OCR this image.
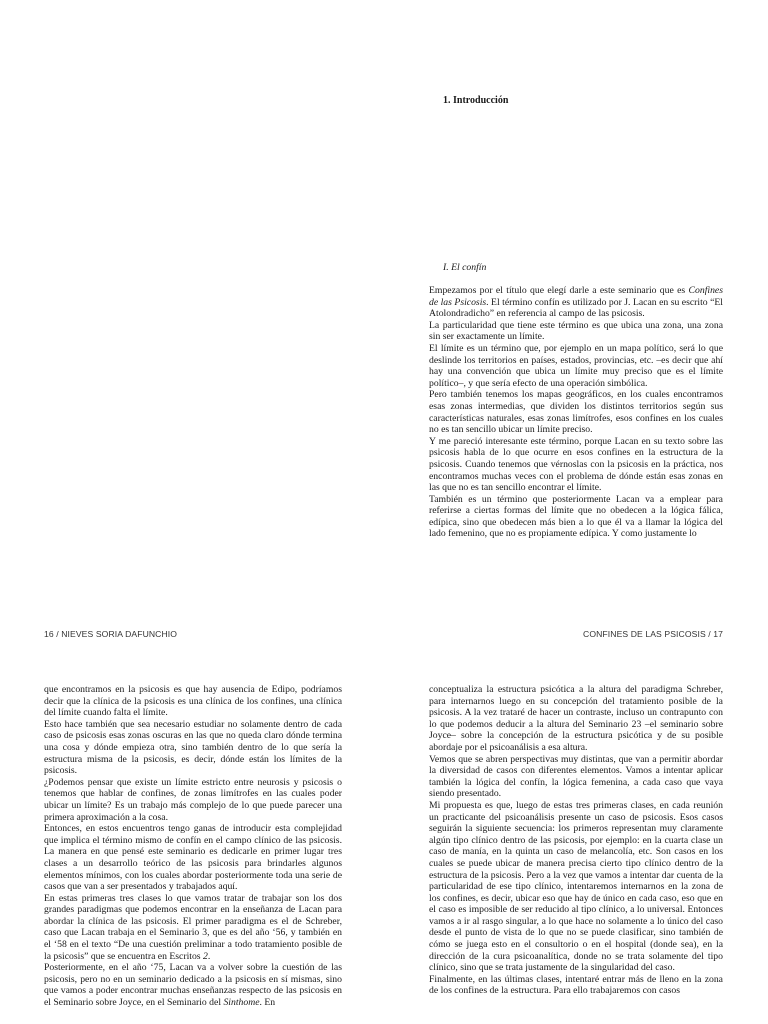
1. Introducción
I. El confín

Empezamos por el título que elegí darle a este seminario que es Confines de las Psicosis. El término confín es utilizado por J. Lacan en su escrito “El Atolondradicho” en referencia al campo de las psicosis.

La particularidad que tiene este término es que ubica una zona, una zona sin ser exactamente un límite.

El límite es un término que, por ejemplo en un mapa político, será lo que deslinde los territorios en países, estados, provincias, etc. –es decir que ahí hay una convención que ubica un límite muy preciso que es el límite político–, y que sería efecto de una operación simbólica.

Pero también tenemos los mapas geográficos, en los cuales encontramos esas zonas intermedias, que dividen los distintos territorios según sus características naturales, esas zonas limítrofes, esos confines en los cuales no es tan sencillo ubicar un límite preciso.

Y me pareció interesante este término, porque Lacan en su texto sobre las psicosis habla de lo que ocurre en esos confines en la estructura de la psicosis. Cuando tenemos que vérnoslas con la psicosis en la práctica, nos encontramos muchas veces con el problema de dónde están esas zonas en las que no es tan sencillo encontrar el límite.

También es un término que posteriormente Lacan va a emplear para referirse a ciertas formas del límite que no obedecen a la lógica fálica, edípica, sino que obedecen más bien a lo que él va a llamar la lógica del lado femenino, que no es propiamente edípica. Y como justamente lo

16 / NIEVES SORIA DAFUNCHIO	CONFINES DE LAS PSICOSIS / 17

que encontramos en la psicosis es que hay ausencia de Edipo, podríamos decir que la clínica de la psicosis es una clínica de los confines, una clínica del límite cuando falta el límite.

Esto hace también que sea necesario estudiar no solamente dentro de cada caso de psicosis esas zonas oscuras en las que no queda claro dónde termina una cosa y dónde empieza otra, sino también dentro de lo que sería la estructura misma de la psicosis, es decir, dónde están los límites de la psicosis.

¿Podemos pensar que existe un límite estricto entre neurosis y psicosis o tenemos que hablar de confines, de zonas limítrofes en las cuales poder ubicar un límite? Es un trabajo más complejo de lo que puede parecer una primera aproximación a la cosa.

Entonces, en estos encuentros tengo ganas de introducir esta complejidad que implica el término mismo de confín en el campo clínico de las psicosis. La manera en que pensé este seminario es dedicarle en primer lugar tres clases a un desarrollo teórico de las psicosis para brindarles algunos elementos mínimos, con los cuales abordar posteriormente toda una serie de casos que van a ser presentados y trabajados aquí.

En estas primeras tres clases lo que vamos tratar de trabajar son los dos grandes paradigmas que podemos encontrar en la enseñanza de Lacan para abordar la clínica de las psicosis. El primer paradigma es el de Schreber, caso que Lacan trabaja en el Seminario 3, que es del año ‘56, y también en el ‘58 en el texto “De una cuestión preliminar a todo tratamiento posible de la psicosis” que se encuentra en Escritos 2.

Posteriormente, en el año ‘75, Lacan va a volver sobre la cuestión de las psicosis, pero no en un seminario dedicado a la psicosis en sí mismas, sino que vamos a poder encontrar muchas enseñanzas respecto de las psicosis en el Seminario sobre Joyce, en el Seminario del Sinthome. En

conceptualiza la estructura psicótica a la altura del paradigma Schreber, para internarnos luego en su concepción del tratamiento posible de la psicosis. A la vez trataré de hacer un contraste, incluso un contrapunto con lo que podemos deducir a la altura del Seminario 23 –el seminario sobre Joyce– sobre la concepción de la estructura psicótica y de su posible abordaje por el psicoanálisis a esa altura.

Vemos que se abren perspectivas muy distintas, que van a permitir abordar la diversidad de casos con diferentes elementos. Vamos a intentar aplicar también la lógica del confín, la lógica femenina, a cada caso que vaya siendo presentado.

Mi propuesta es que, luego de estas tres primeras clases, en cada reunión un practicante del psicoanálisis presente un caso de psicosis. Esos casos seguirán la siguiente secuencia: los primeros representan muy claramente algún tipo clínico dentro de las psicosis, por ejemplo: en la cuarta clase un caso de manía, en la quinta un caso de melancolía, etc. Son casos en los cuales se puede ubicar de manera precisa cierto tipo clínico dentro de la estructura de la psicosis. Pero a la vez que vamos a intentar dar cuenta de la particularidad de ese tipo clínico, intentaremos internarnos en la zona de los confines, es decir, ubicar eso que hay de único en cada caso, eso que en el caso es imposible de ser reducido al tipo clínico, a lo universal. Entonces vamos a ir al rasgo singular, a lo que hace no solamente a lo único del caso desde el punto de vista de lo que no se puede clasificar, sino también de cómo se juega esto en el consultorio o en el hospital (donde sea), en la dirección de la cura psicoanalítica, donde no se trata solamente del tipo clínico, sino que se trata justamente de la singularidad del caso.

Finalmente, en las últimas clases, intentaré entrar más de lleno en la zona de los confines de la estructura. Para ello trabajaremos con casos
